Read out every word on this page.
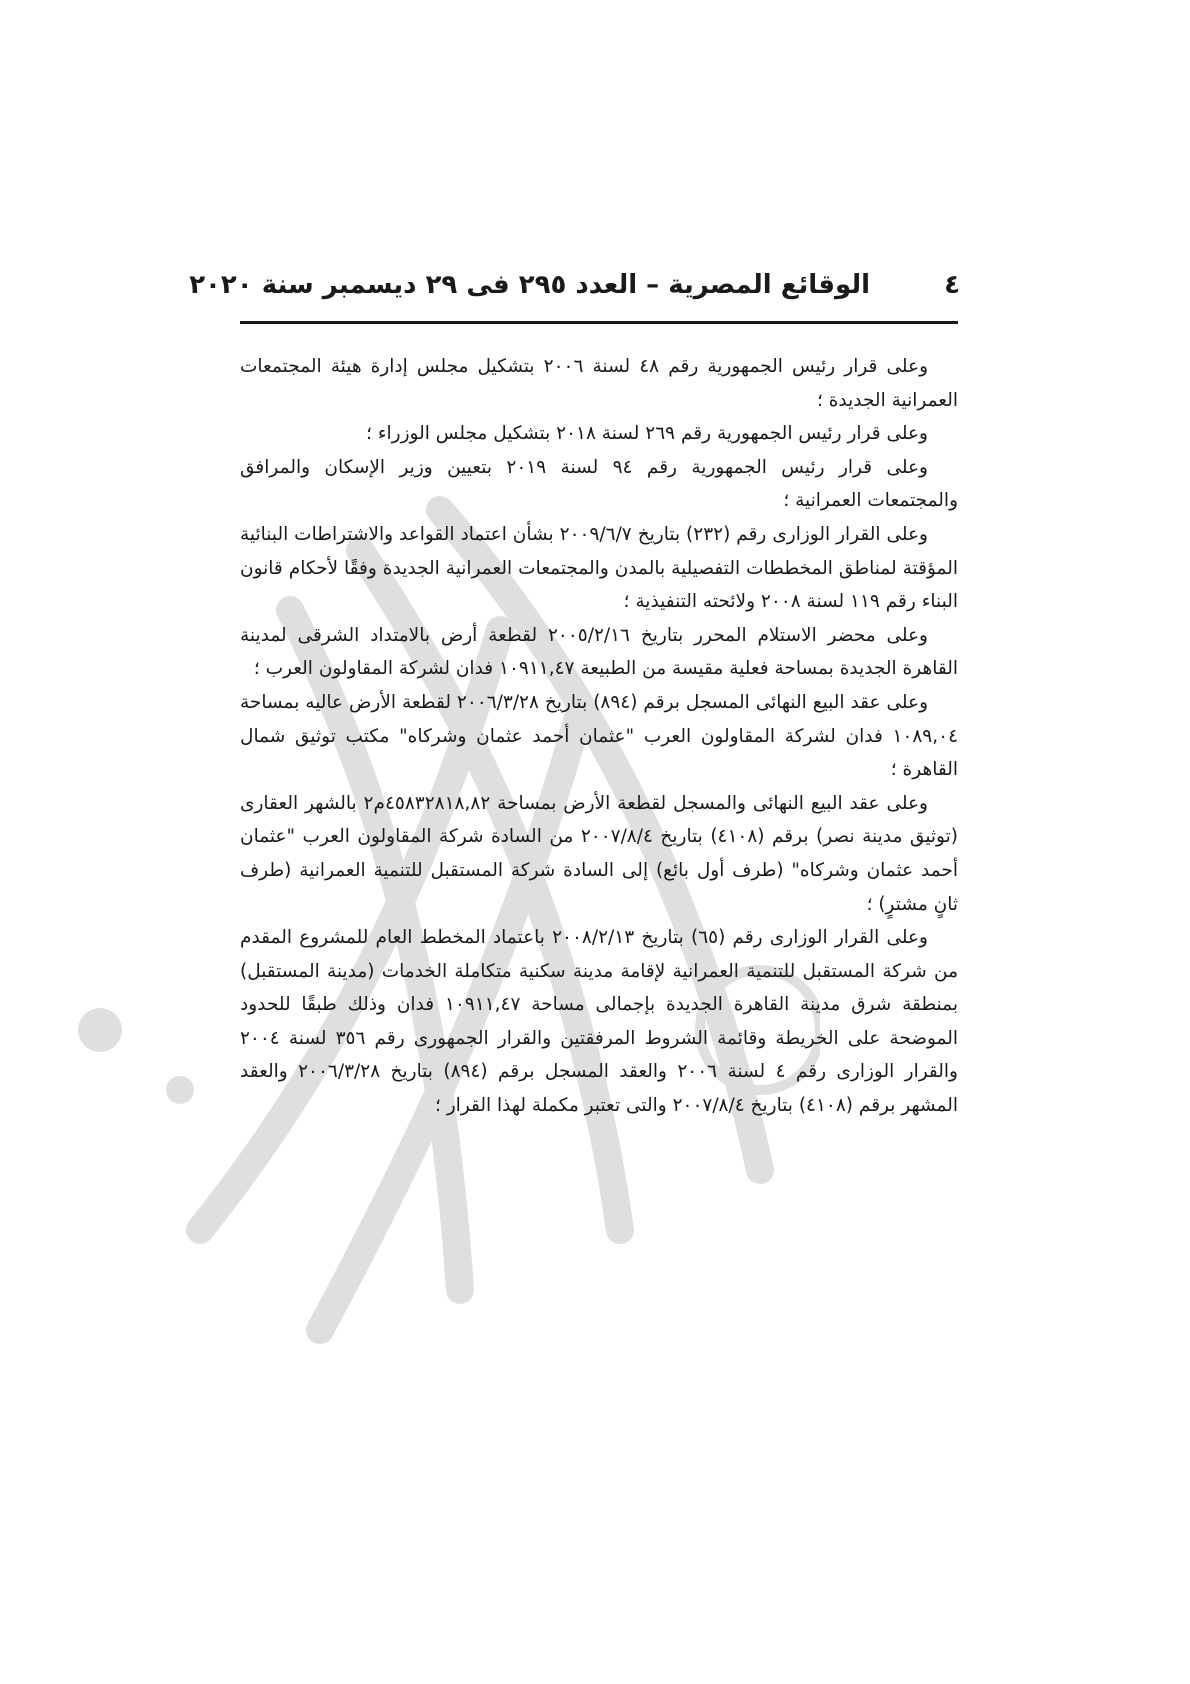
٤
الوقائع المصرية – العدد ٢٩٥ فى ٢٩ ديسمبر سنة ٢٠٢٠

وعلى قرار رئيس الجمهورية رقم ٤٨ لسنة ٢٠٠٦ بتشكيل مجلس إدارة هيئة المجتمعات العمرانية الجديدة ؛

وعلى قرار رئيس الجمهورية رقم ٢٦٩ لسنة ٢٠١٨ بتشكيل مجلس الوزراء ؛

وعلى قرار رئيس الجمهورية رقم ٩٤ لسنة ٢٠١٩ بتعيين وزير الإسكان والمرافق والمجتمعات العمرانية ؛

وعلى القرار الوزارى رقم (٢٣٢) بتاريخ ٢٠٠٩/٦/٧ بشأن اعتماد القواعد والاشتراطات البنائية المؤقتة لمناطق المخططات التفصيلية بالمدن والمجتمعات العمرانية الجديدة وفقًا لأحكام قانون البناء رقم ١١٩ لسنة ٢٠٠٨ ولائحته التنفيذية ؛

وعلى محضر الاستلام المحرر بتاريخ ٢٠٠٥/٢/١٦ لقطعة أرض بالامتداد الشرقى لمدينة القاهرة الجديدة بمساحة فعلية مقيسة من الطبيعة ١٠٩١١,٤٧ فدان لشركة المقاولون العرب ؛

وعلى عقد البيع النهائى المسجل برقم (٨٩٤) بتاريخ ٢٠٠٦/٣/٢٨ لقطعة الأرض عاليه بمساحة ١٠٨٩,٠٤ فدان لشركة المقاولون العرب "عثمان أحمد عثمان وشركاه" مكتب توثيق شمال القاهرة ؛

وعلى عقد البيع النهائى والمسجل لقطعة الأرض بمساحة ٤٥٨٣٢٨١٨,٨٢م٢ بالشهر العقارى (توثيق مدينة نصر) برقم (٤١٠٨) بتاريخ ٢٠٠٧/٨/٤ من السادة شركة المقاولون العرب "عثمان أحمد عثمان وشركاه" (طرف أول بائع) إلى السادة شركة المستقبل للتنمية العمرانية (طرف ثانٍ مشترٍ) ؛

وعلى القرار الوزارى رقم (٦٥) بتاريخ ٢٠٠٨/٢/١٣ باعتماد المخطط العام للمشروع المقدم من شركة المستقبل للتنمية العمرانية لإقامة مدينة سكنية متكاملة الخدمات (مدينة المستقبل) بمنطقة شرق مدينة القاهرة الجديدة بإجمالى مساحة ١٠٩١١,٤٧ فدان وذلك طبقًا للحدود الموضحة على الخريطة وقائمة الشروط المرفقتين والقرار الجمهورى رقم ٣٥٦ لسنة ٢٠٠٤ والقرار الوزارى رقم ٤ لسنة ٢٠٠٦ والعقد المسجل برقم (٨٩٤) بتاريخ ٢٠٠٦/٣/٢٨ والعقد المشهر برقم (٤١٠٨) بتاريخ ٢٠٠٧/٨/٤ والتى تعتبر مكملة لهذا القرار ؛
